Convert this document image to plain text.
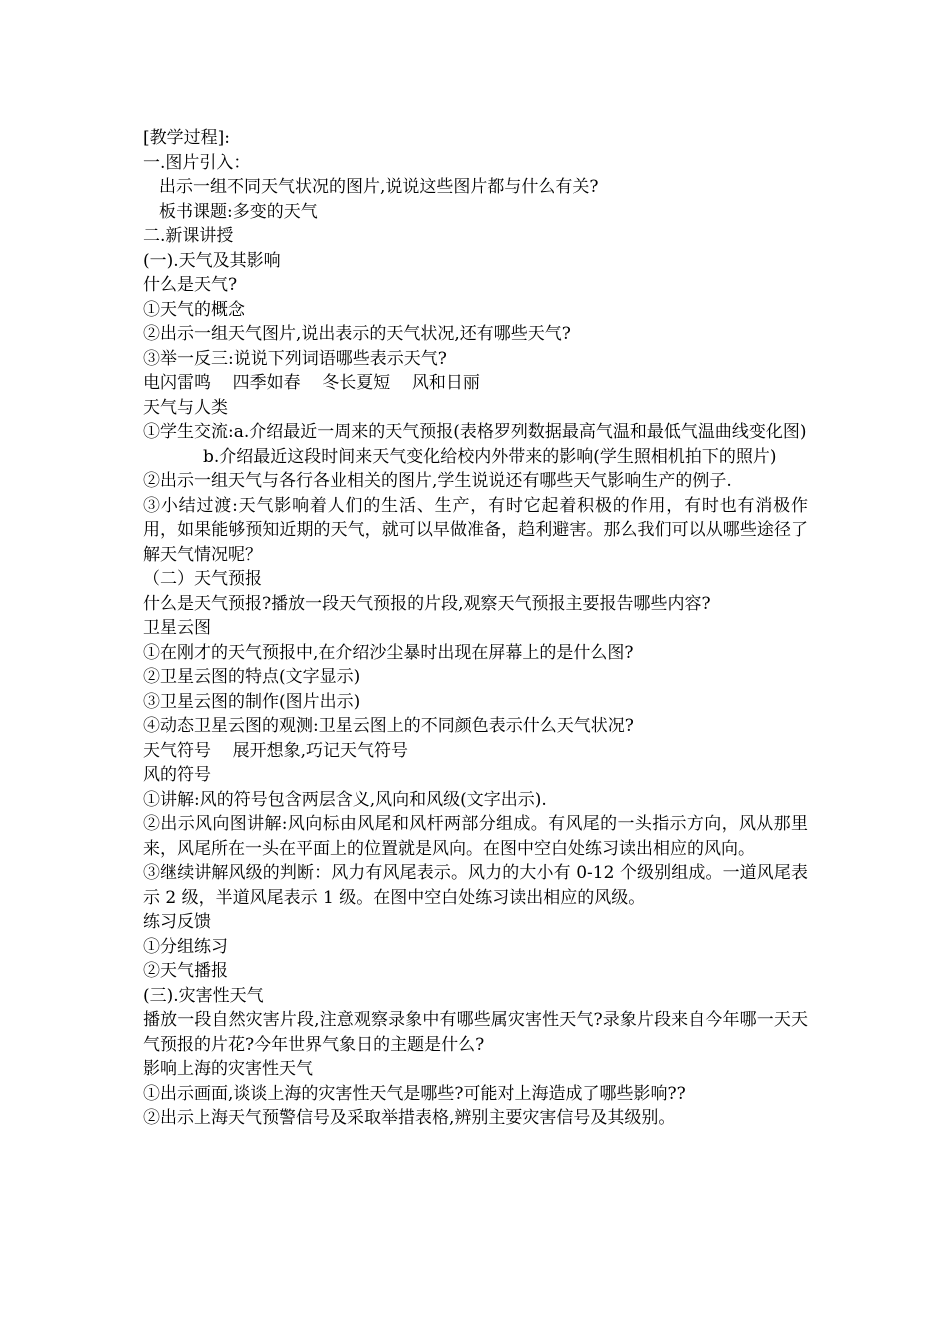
[教学过程]:

一.图片引入：

出示一组不同天气状况的图片,说说这些图片都与什么有关?

板书课题:多变的天气

二.新课讲授

(一).天气及其影响

什么是天气?

①天气的概念

②出示一组天气图片,说出表示的天气状况,还有哪些天气?

③举一反三:说说下列词语哪些表示天气?

电闪雷鸣    四季如春    冬长夏短    风和日丽

天气与人类

①学生交流:a.介绍最近一周来的天气预报(表格罗列数据最高气温和最低气温曲线变化图)

b.介绍最近这段时间来天气变化给校内外带来的影响(学生照相机拍下的照片)

②出示一组天气与各行各业相关的图片,学生说说还有哪些天气影响生产的例子.

③小结过渡:天气影响着人们的生活、生产，有时它起着积极的作用，有时也有消极作用，如果能够预知近期的天气，就可以早做准备，趋利避害。那么我们可以从哪些途径了解天气情况呢？

（二）天气预报

什么是天气预报?播放一段天气预报的片段,观察天气预报主要报告哪些内容?

卫星云图

①在刚才的天气预报中,在介绍沙尘暴时出现在屏幕上的是什么图?

②卫星云图的特点(文字显示)

③卫星云图的制作(图片出示)

④动态卫星云图的观测:卫星云图上的不同颜色表示什么天气状况?

天气符号    展开想象,巧记天气符号

风的符号

①讲解:风的符号包含两层含义,风向和风级(文字出示).

②出示风向图讲解:风向标由风尾和风杆两部分组成。有风尾的一头指示方向，风从那里来，风尾所在一头在平面上的位置就是风向。在图中空白处练习读出相应的风向。

③继续讲解风级的判断：风力有风尾表示。风力的大小有 0-12 个级别组成。一道风尾表示 2 级，半道风尾表示 1 级。在图中空白处练习读出相应的风级。

练习反馈

①分组练习

②天气播报

(三).灾害性天气

播放一段自然灾害片段,注意观察录象中有哪些属灾害性天气?录象片段来自今年哪一天天气预报的片花?今年世界气象日的主题是什么?

影响上海的灾害性天气

①出示画面,谈谈上海的灾害性天气是哪些?可能对上海造成了哪些影响??

②出示上海天气预警信号及采取举措表格,辨别主要灾害信号及其级别。
